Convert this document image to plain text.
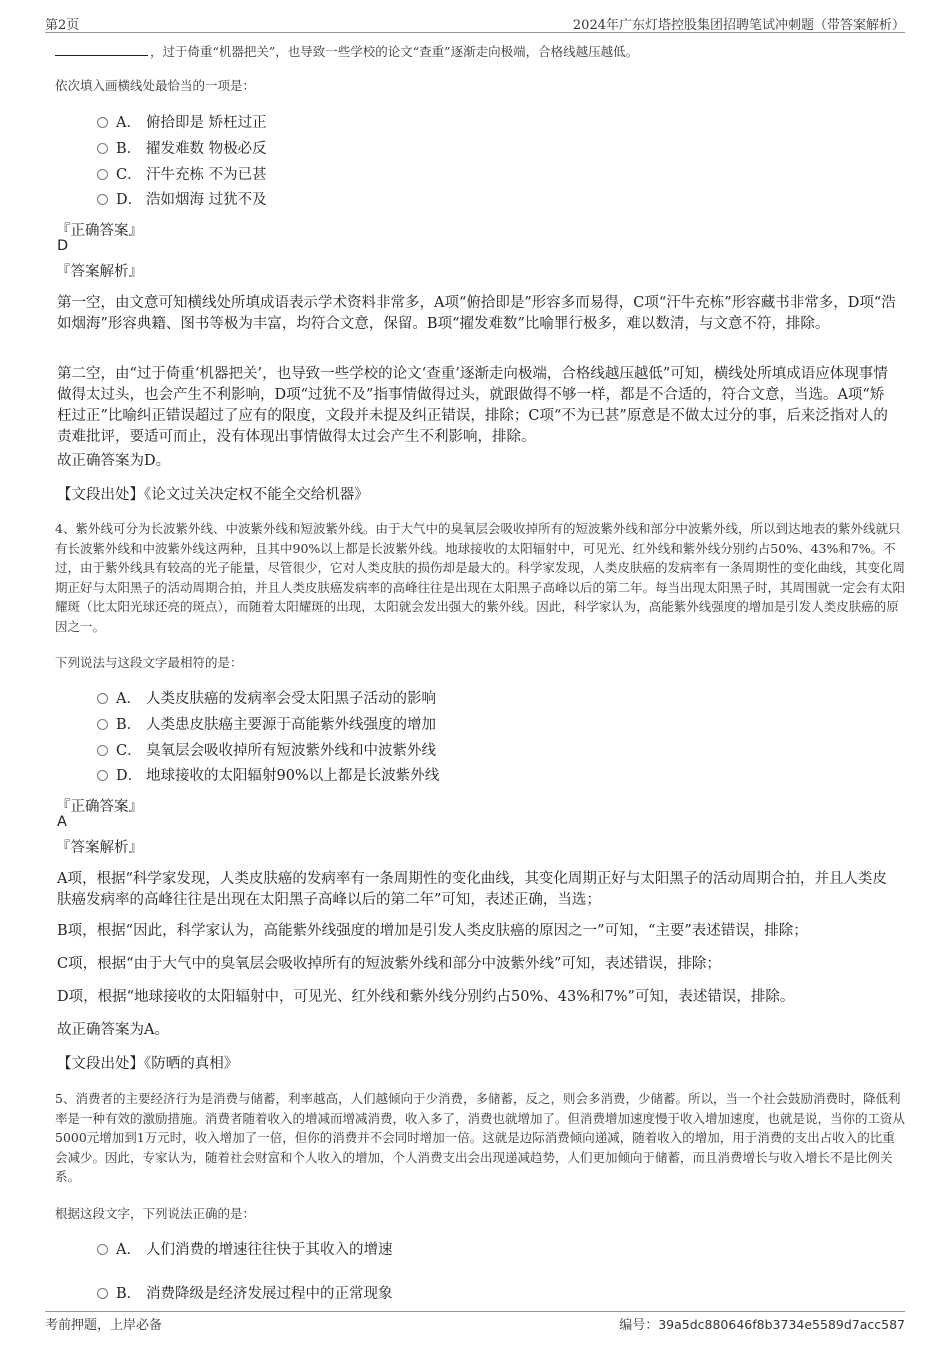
第2页	2024年广东灯塔控股集团招聘笔试冲刺题（带答案解析）
，过于倚重“机器把关”，也导致一些学校的论文“查重”逐渐走向极端，合格线越压越低。
依次填入画横线处最恰当的一项是：
A． 俯拾即是 矫枉过正
B． 擢发难数 物极必反
C． 汗牛充栋 不为已甚
D． 浩如烟海 过犹不及
『正确答案』
D
『答案解析』
第一空，由文意可知横线处所填成语表示学术资料非常多，A项“俯拾即是”形容多而易得，C项“汗牛充栋”形容藏书非常多，D项“浩如烟海”形容典籍、图书等极为丰富，均符合文意，保留。B项“擢发难数”比喻罪行极多，难以数清，与文意不符，排除。
第二空，由“过于倚重‘机器把关’，也导致一些学校的论文‘查重’逐渐走向极端，合格线越压越低”可知，横线处所填成语应体现事情做得太过头，也会产生不利影响，D项“过犹不及”指事情做得过头，就跟做得不够一样，都是不合适的，符合文意，当选。A项“矫枉过正”比喻纠正错误超过了应有的限度，文段并未提及纠正错误，排除；C项“不为已甚”原意是不做太过分的事，后来泛指对人的责难批评，要适可而止，没有体现出事情做得太过会产生不利影响，排除。
故正确答案为D。
【文段出处】《论文过关决定权不能全交给机器》
4、紫外线可分为长波紫外线、中波紫外线和短波紫外线。由于大气中的臭氧层会吸收掉所有的短波紫外线和部分中波紫外线，所以到达地表的紫外线就只有长波紫外线和中波紫外线这两种，且其中90%以上都是长波紫外线。地球接收的太阳辐射中，可见光、红外线和紫外线分别约占50%、43%和7%。不过，由于紫外线具有较高的光子能量，尽管很少，它对人类皮肤的损伤却是最大的。科学家发现，人类皮肤癌的发病率有一条周期性的变化曲线，其变化周期正好与太阳黑子的活动周期合拍，并且人类皮肤癌发病率的高峰往往是出现在太阳黑子高峰以后的第二年。每当出现太阳黑子时，其周围就一定会有太阳耀斑（比太阳光球还亮的斑点），而随着太阳耀斑的出现，太阳就会发出强大的紫外线。因此，科学家认为，高能紫外线强度的增加是引发人类皮肤癌的原因之一。
下列说法与这段文字最相符的是：
A． 人类皮肤癌的发病率会受太阳黑子活动的影响
B． 人类患皮肤癌主要源于高能紫外线强度的增加
C． 臭氧层会吸收掉所有短波紫外线和中波紫外线
D． 地球接收的太阳辐射90%以上都是长波紫外线
『正确答案』
A
『答案解析』
A项，根据“科学家发现，人类皮肤癌的发病率有一条周期性的变化曲线，其变化周期正好与太阳黑子的活动周期合拍，并且人类皮肤癌发病率的高峰往往是出现在太阳黑子高峰以后的第二年”可知，表述正确，当选；
B项，根据“因此，科学家认为，高能紫外线强度的增加是引发人类皮肤癌的原因之一”可知，“主要”表述错误，排除；
C项，根据“由于大气中的臭氧层会吸收掉所有的短波紫外线和部分中波紫外线”可知，表述错误，排除；
D项，根据“地球接收的太阳辐射中，可见光、红外线和紫外线分别约占50%、43%和7%”可知，表述错误，排除。
故正确答案为A。
【文段出处】《防晒的真相》
5、消费者的主要经济行为是消费与储蓄，利率越高，人们越倾向于少消费，多储蓄，反之，则会多消费，少储蓄。所以，当一个社会鼓励消费时，降低利率是一种有效的激励措施。消费者随着收入的增减而增减消费，收入多了，消费也就增加了。但消费增加速度慢于收入增加速度，也就是说，当你的工资从5000元增加到1万元时，收入增加了一倍，但你的消费并不会同时增加一倍。这就是边际消费倾向递减，随着收入的增加，用于消费的支出占收入的比重会减少。因此，专家认为，随着社会财富和个人收入的增加，个人消费支出会出现递减趋势，人们更加倾向于储蓄，而且消费增长与收入增长不是比例关系。
根据这段文字，下列说法正确的是：
A． 人们消费的增速往往快于其收入的增速
B． 消费降级是经济发展过程中的正常现象
考前押题，上岸必备	编号：39a5dc880646f8b3734e5589d7acc587
